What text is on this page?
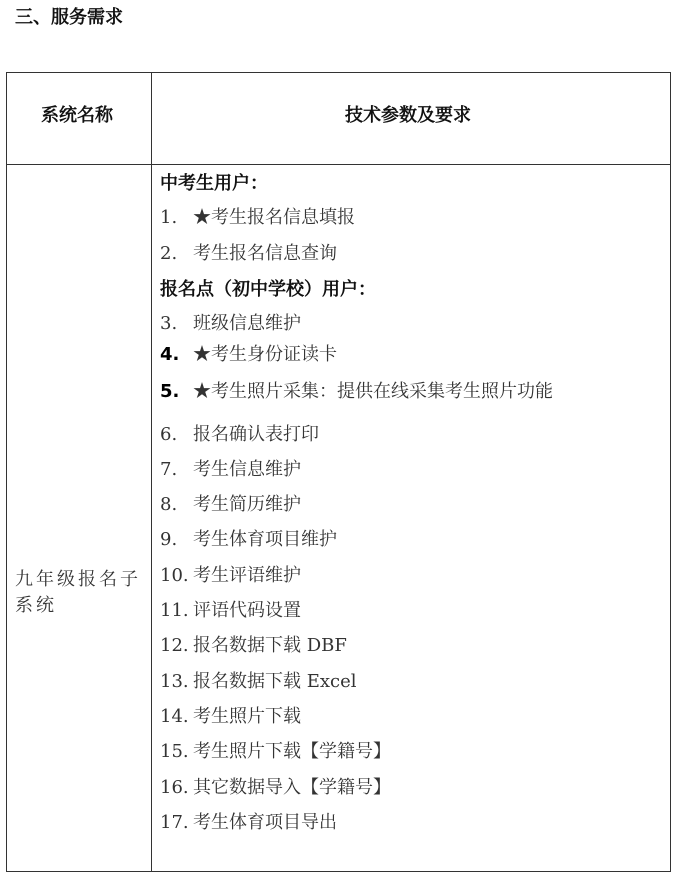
三、服务需求
系统名称	技术参数及要求
九年级报名子系统
中考生用户：
报名点（初中学校）用户：
1. ★考生报名信息填报
2. 考生报名信息查询
3. 班级信息维护
4. ★考生身份证读卡
5. ★考生照片采集：提供在线采集考生照片功能
6. 报名确认表打印
7. 考生信息维护
8. 考生简历维护
9. 考生体育项目维护
10. 考生评语维护
11. 评语代码设置
12. 报名数据下载 DBF
13. 报名数据下载 Excel
14. 考生照片下载
15. 考生照片下载【学籍号】
16. 其它数据导入【学籍号】
17. 考生体育项目导出
